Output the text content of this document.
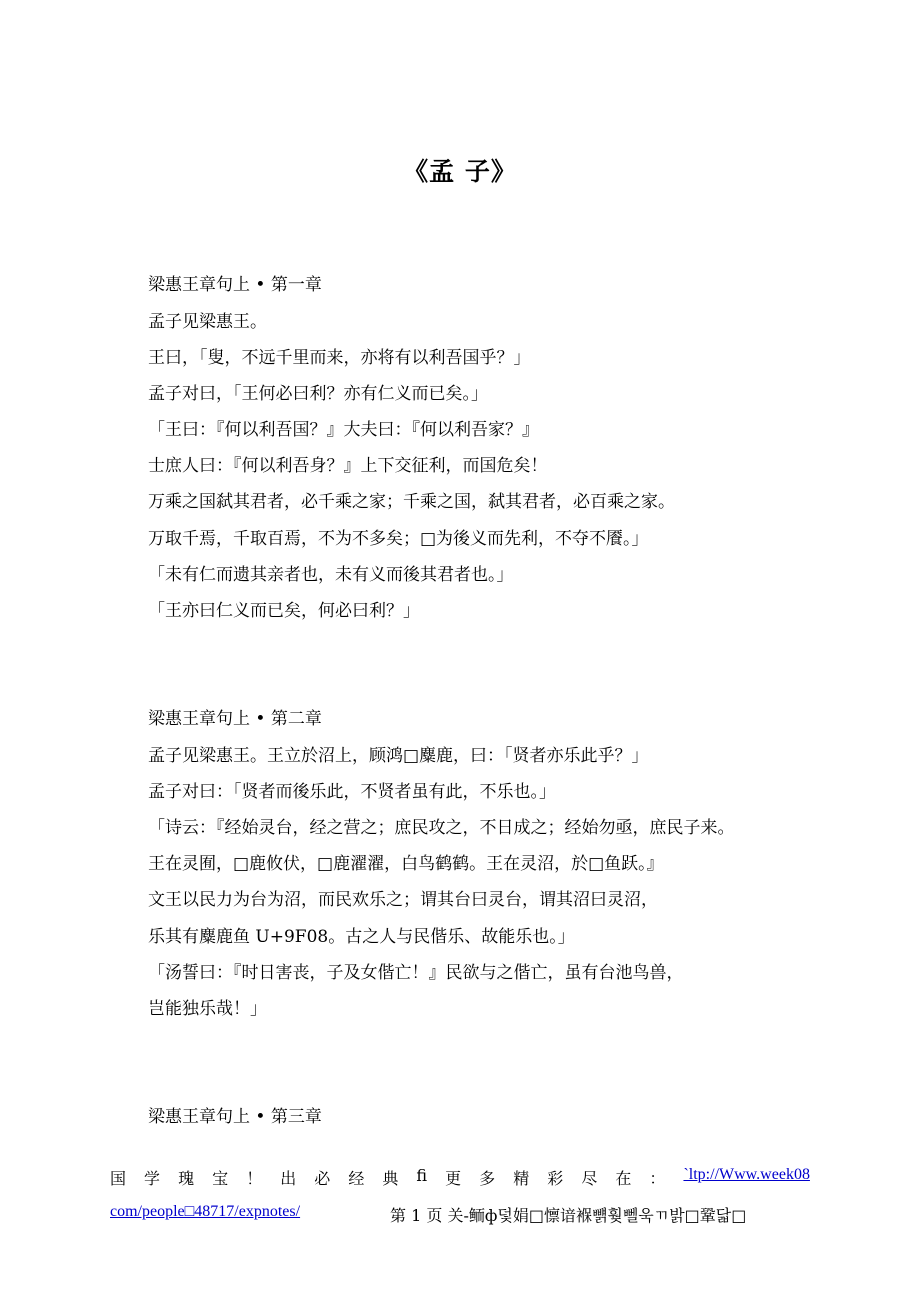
《孟 子》
梁惠王章句上 • 第一章
孟子见梁惠王。
王曰，「叟，不远千里而来，亦将有以利吾国乎？」
孟子对曰，「王何必曰利？亦有仁义而已矣。」
「王曰：『何以利吾国？』大夫曰：『何以利吾家？』
士庶人曰：『何以利吾身？』上下交征利，而国危矣！
万乘之国弑其君者，必千乘之家；千乘之国，弑其君者，必百乘之家。
万取千焉，千取百焉，不为不多矣；□为後义而先利，不夺不餍。」
「未有仁而遗其亲者也，未有义而後其君者也。」
「王亦曰仁义而已矣，何必曰利？」
梁惠王章句上 • 第二章
孟子见梁惠王。王立於沼上，顾鸿□麋鹿，曰：「贤者亦乐此乎？」
孟子对曰：「贤者而後乐此，不贤者虽有此，不乐也。」
「诗云：『经始灵台，经之营之；庶民攻之，不日成之；经始勿亟，庶民子来。
王在灵囿，□鹿攸伏，□鹿濯濯，白鸟鹤鹤。王在灵沼，於□鱼跃。』
文王以民力为台为沼，而民欢乐之；谓其台曰灵台，谓其沼曰灵沼，
乐其有麋鹿鱼 U+9F08。古之人与民偕乐、故能乐也。」
「汤誓曰：『时日害丧，子及女偕亡！』民欲与之偕亡，虽有台池鸟兽，
岂能独乐哉！」
梁惠王章句上 • 第三章
国 学 瑰 宝 ！ 出 必 经 典 fi 更 多 精 彩 尽 在 ： ˋltp://Www.week08
com/people□48717/expnotes/	第 1 页 关-鲕ф덫娟□懔谙褓뺽훶뻴욱ㄲ밝□鞏닯□
